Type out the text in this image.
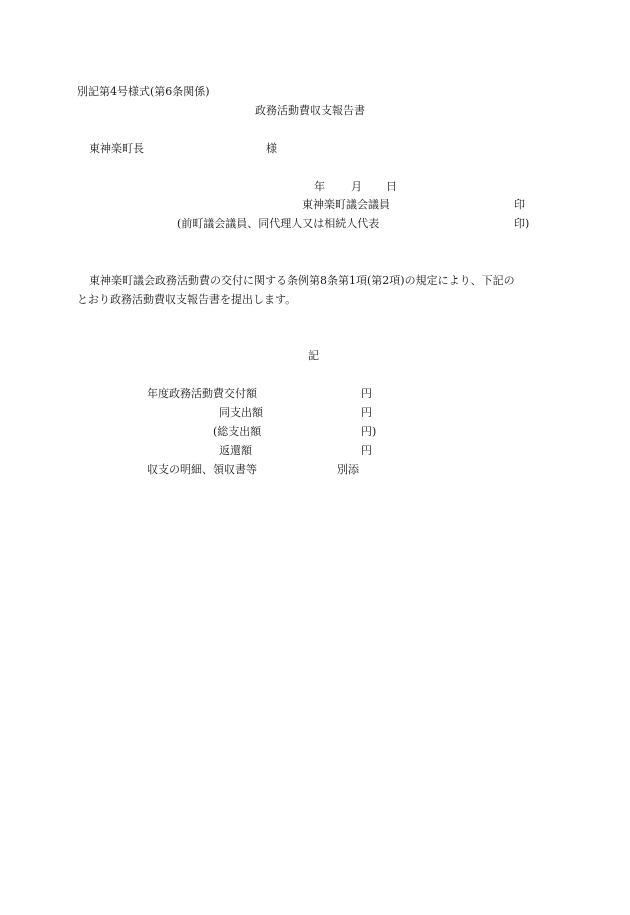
別記第4号様式(第6条関係)
政務活動費収支報告書
東神楽町長	様
年 月 日
東神楽町議会議員	印
(前町議会議員、同代理人又は相続人代表	印)
東神楽町議会政務活動費の交付に関する条例第8条第1項(第2項)の規定により、下記の
とおり政務活動費収支報告書を提出します。
記
年度政務活動費交付額	円
同支出額	円
(総支出額	円)
返還額	円
収支の明細、領収書等	別添
